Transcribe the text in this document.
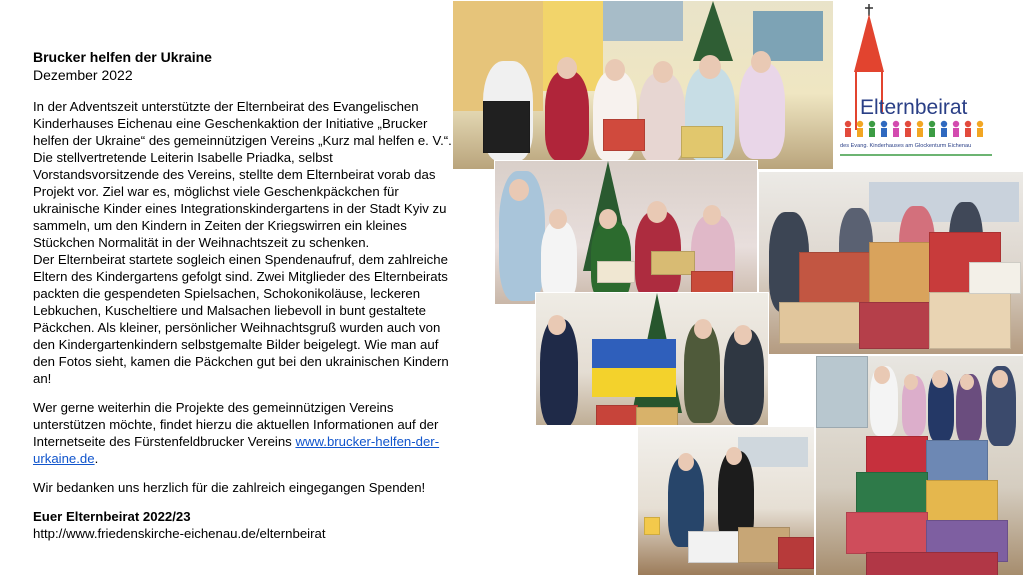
Brucker helfen der Ukraine
Dezember 2022

In der Adventszeit unterstützte der Elternbeirat des Evangelischen Kinderhauses Eichenau eine Geschenkaktion der Initiative „Brucker helfen der Ukraine“ des gemeinnützigen Vereins „Kurz mal helfen e. V.“. Die stellvertretende Leiterin Isabelle Priadka, selbst Vorstandsvorsitzende des Vereins, stellte dem Elternbeirat vorab das Projekt vor. Ziel war es, möglichst viele Geschenkpäckchen für ukrainische Kinder eines Integrationskindergartens in der Stadt Kyiv zu sammeln, um den Kindern in Zeiten der Kriegswirren ein kleines Stückchen Normalität in der Weihnachtszeit zu schenken.

Der Elternbeirat startete sogleich einen Spendenaufruf, dem zahlreiche Eltern des Kindergartens gefolgt sind. Zwei Mitglieder des Elternbeirats packten die gespendeten Spielsachen, Schokonikoläuse, leckeren Lebkuchen, Kuscheltiere und Malsachen liebevoll in bunt gestaltete Päckchen. Als kleiner, persönlicher Weihnachtsgruß wurden auch von den Kindergartenkindern selbstgemalte Bilder beigelegt. Wie man auf den Fotos sieht, kamen die Päckchen gut bei den ukrainischen Kindern an!

Wer gerne weiterhin die Projekte des gemeinnützigen Vereins unterstützen möchte, findet hierzu die aktuellen Informationen auf der Internetseite des Fürstenfeldbrucker Vereins www.brucker-helfen-der-urkaine.de.

Wir bedanken uns herzlich für die zahlreich eingegangen Spenden!

Euer Elternbeirat 2022/23

http://www.friedenskirche-eichenau.de/elternbeirat

Elternbeirat
des Evang. Kinderhauses am Glockenturm Eichenau
